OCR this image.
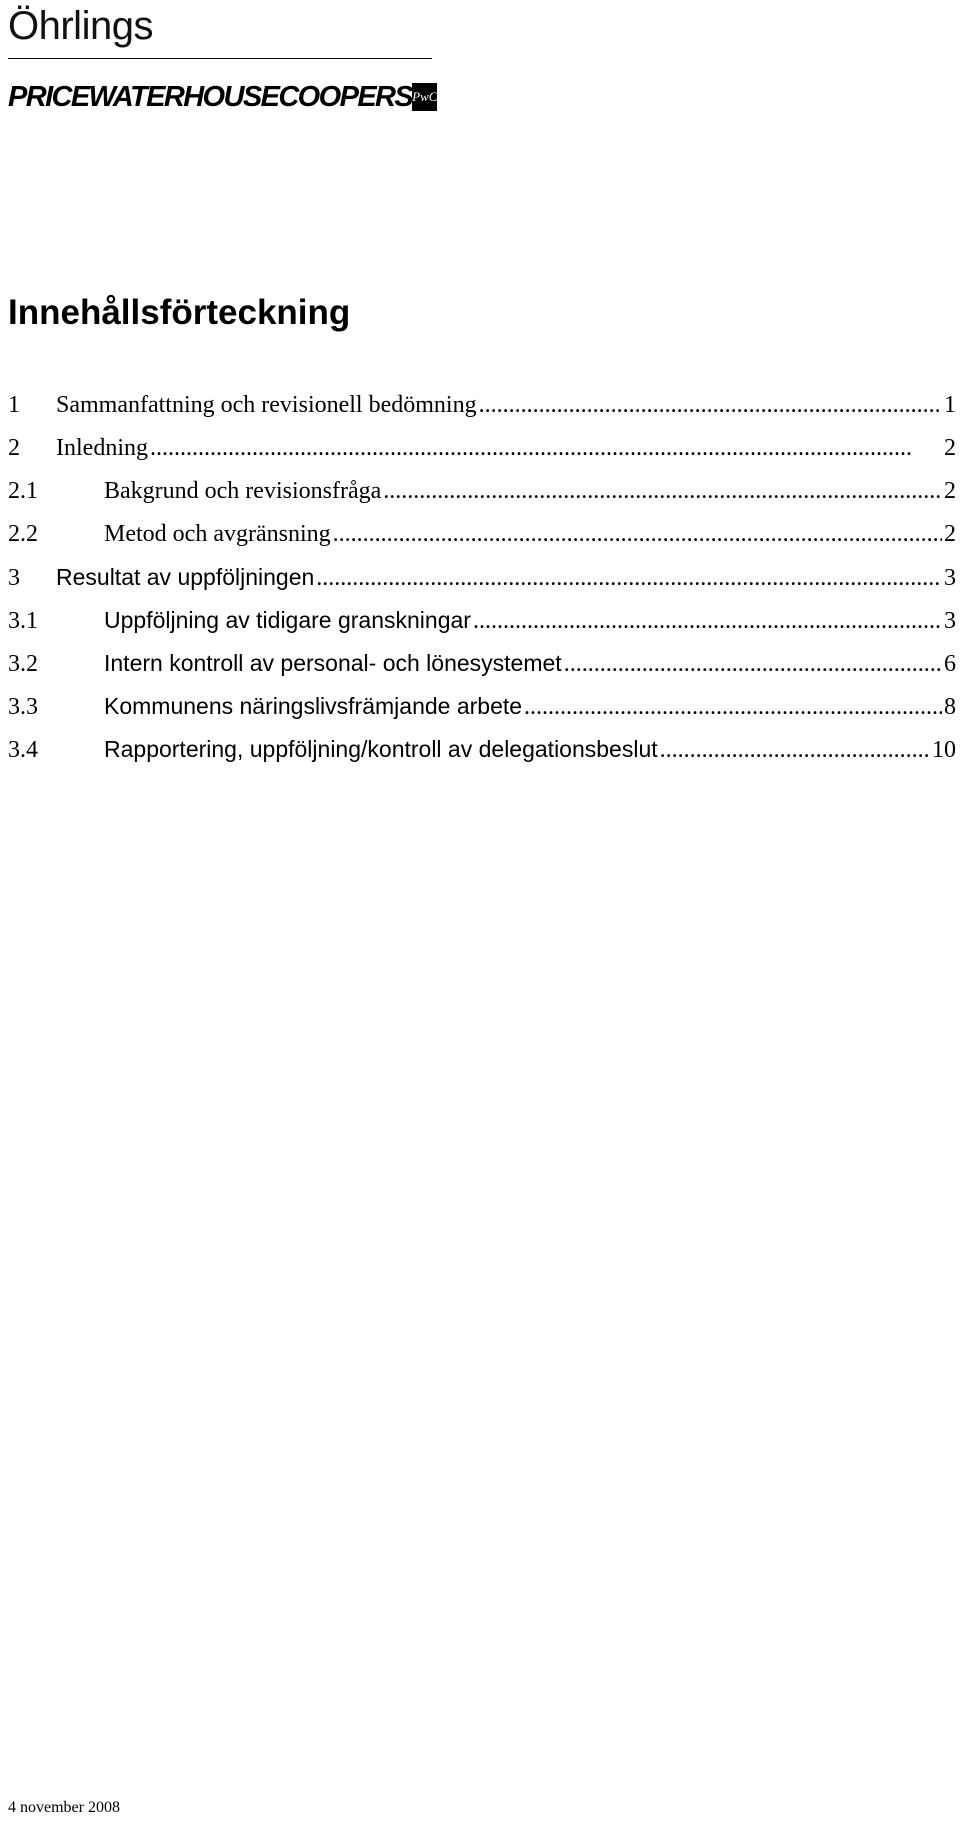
Öhrlings
PRICEWATERHOUSECOOPERS PwC
Innehållsförteckning
1	Sammanfattning och revisionell bedömning . . .	1
2	Inledning . . .	2
2.1	Bakgrund och revisionsfråga . . .	2
2.2	Metod och avgränsning . . .	2
3	Resultat av uppföljningen . . .	3
3.1	Uppföljning av tidigare granskningar . . .	3
3.2	Intern kontroll av personal- och lönesystemet . . .	6
3.3	Kommunens näringslivsfrämjande arbete . . .	8
3.4	Rapportering, uppföljning/kontroll av delegationsbeslut . . .	10
4 november 2008
